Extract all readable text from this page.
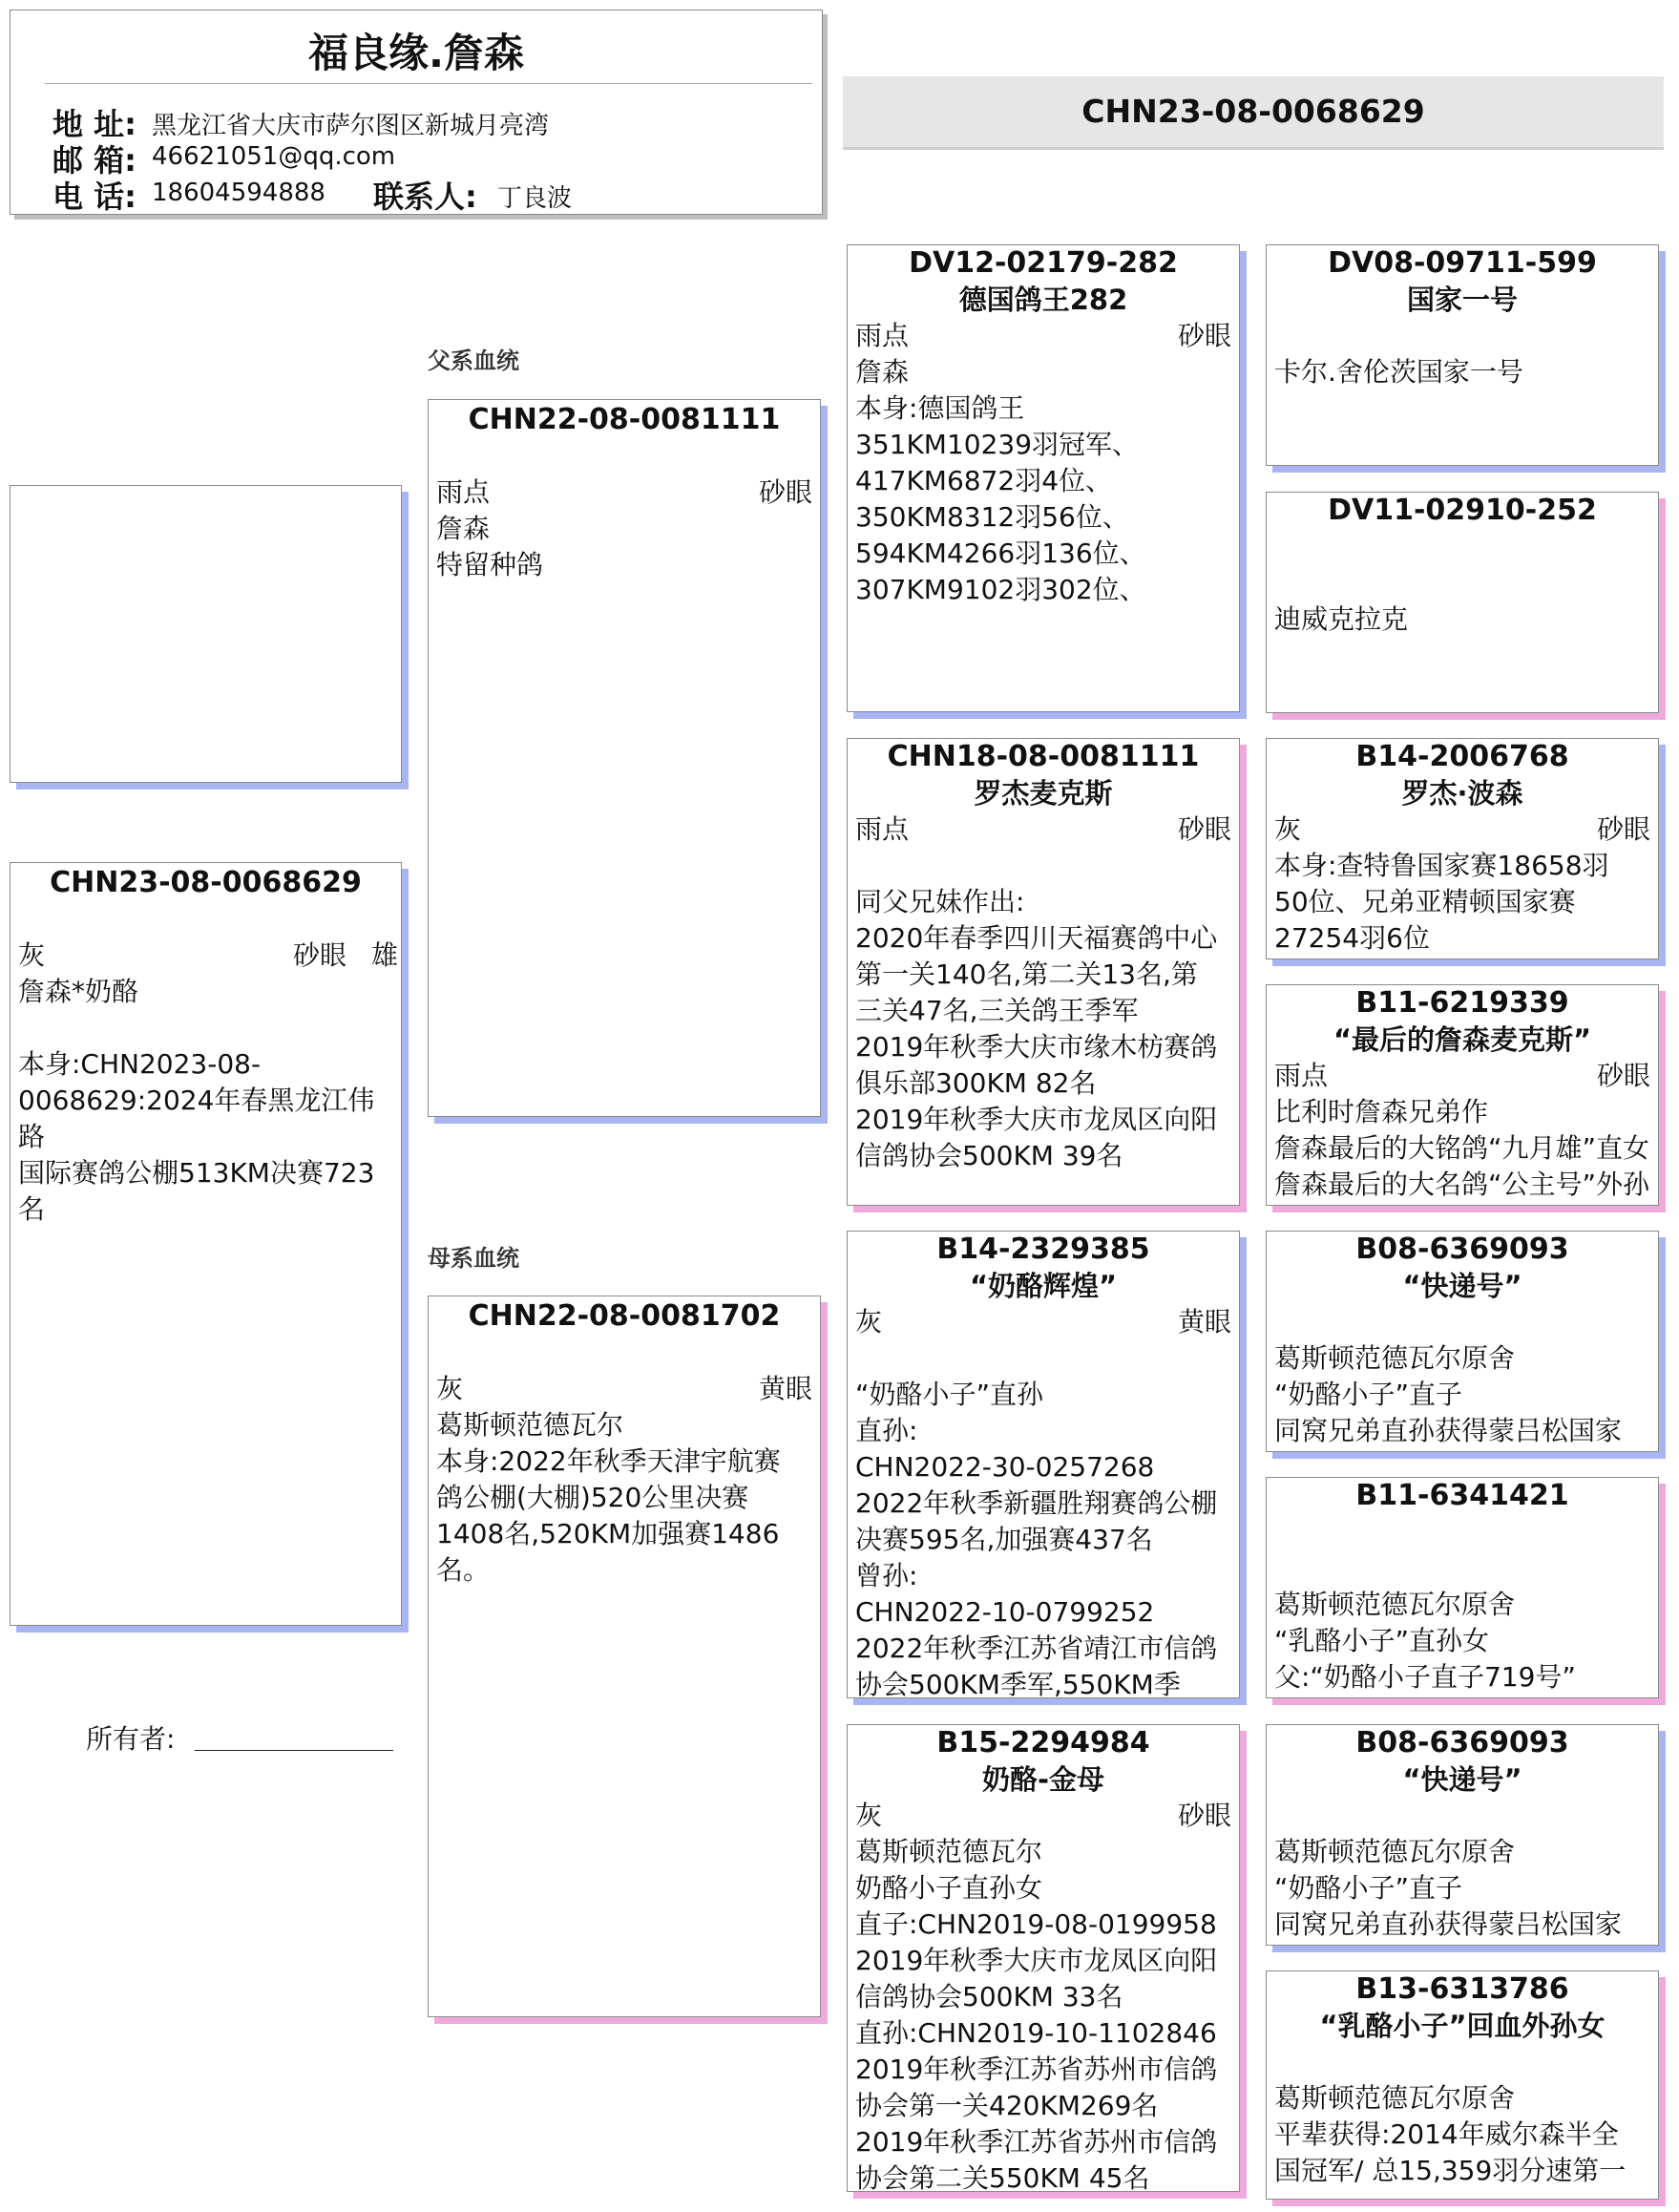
福良缘.詹森
地 址: 黑龙江省大庆市萨尔图区新城月亮湾
邮 箱: 46621051@qq.com
电 话: 18604594888 联系人: 丁良波
CHN23-08-0068629
CHN23-08-0068629
灰	砂眼 雄
詹森*奶酪
本身:CHN2023-08-
0068629:2024年春黑龙江伟路
国际赛鸽公棚513KM决赛723
名
所有者:
父系血统
母系血统
CHN22-08-0081111
雨点	砂眼
詹森
特留种鸽
CHN22-08-0081702
灰	黄眼
葛斯顿范德瓦尔
本身:2022年秋季天津宇航赛
鸽公棚(大棚)520公里决赛
1408名,520KM加强赛1486
名。
DV12-02179-282
德国鸽王282
雨点	砂眼
詹森
本身:德国鸽王
351KM10239羽冠军、
417KM6872羽4位、
350KM8312羽56位、
594KM4266羽136位、
307KM9102羽302位、
CHN18-08-0081111
罗杰麦克斯
雨点	砂眼

同父兄妹作出:
2020年春季四川天福赛鸽中心
第一关140名,第二关13名,第
三关47名,三关鸽王季军
2019年秋季大庆市缘木枋赛鸽
俱乐部300KM 82名
2019年秋季大庆市龙凤区向阳
信鸽协会500KM 39名
B14-2329385
“奶酪辉煌”
灰	黄眼

“奶酪小子”直孙
直孙:
CHN2022-30-0257268
2022年秋季新疆胜翔赛鸽公棚
决赛595名,加强赛437名
曾孙:
CHN2022-10-0799252
2022年秋季江苏省靖江市信鸽
协会500KM季军,550KM季
B15-2294984
奶酪-金母
灰	砂眼
葛斯顿范德瓦尔
奶酪小子直孙女
直子:CHN2019-08-0199958
2019年秋季大庆市龙凤区向阳
信鸽协会500KM 33名
直孙:CHN2019-10-1102846
2019年秋季江苏省苏州市信鸽
协会第一关420KM269名
2019年秋季江苏省苏州市信鸽
协会第二关550KM 45名
DV08-09711-599
国家一号
卡尔.舍伦茨国家一号
DV11-02910-252
迪威克拉克
B14-2006768
罗杰·波森
灰	砂眼
本身:查特鲁国家赛18658羽
50位、兄弟亚精顿国家赛
27254羽6位
B11-6219339
“最后的詹森麦克斯”
雨点	砂眼
比利时詹森兄弟作
詹森最后的大铭鸽“九月雄”直女
詹森最后的大名鸽“公主号”外孙
B08-6369093
“快递号”
葛斯顿范德瓦尔原舍
“奶酪小子”直子
同窝兄弟直孙获得蒙吕松国家
B11-6341421
葛斯顿范德瓦尔原舍
“乳酪小子”直孙女
父:“奶酪小子直子719号”
B08-6369093
“快递号”
葛斯顿范德瓦尔原舍
“奶酪小子”直子
同窝兄弟直孙获得蒙吕松国家
B13-6313786
“乳酪小子”回血外孙女
葛斯顿范德瓦尔原舍
平辈获得:2014年威尔森半全
国冠军/ 总15,359羽分速第一
